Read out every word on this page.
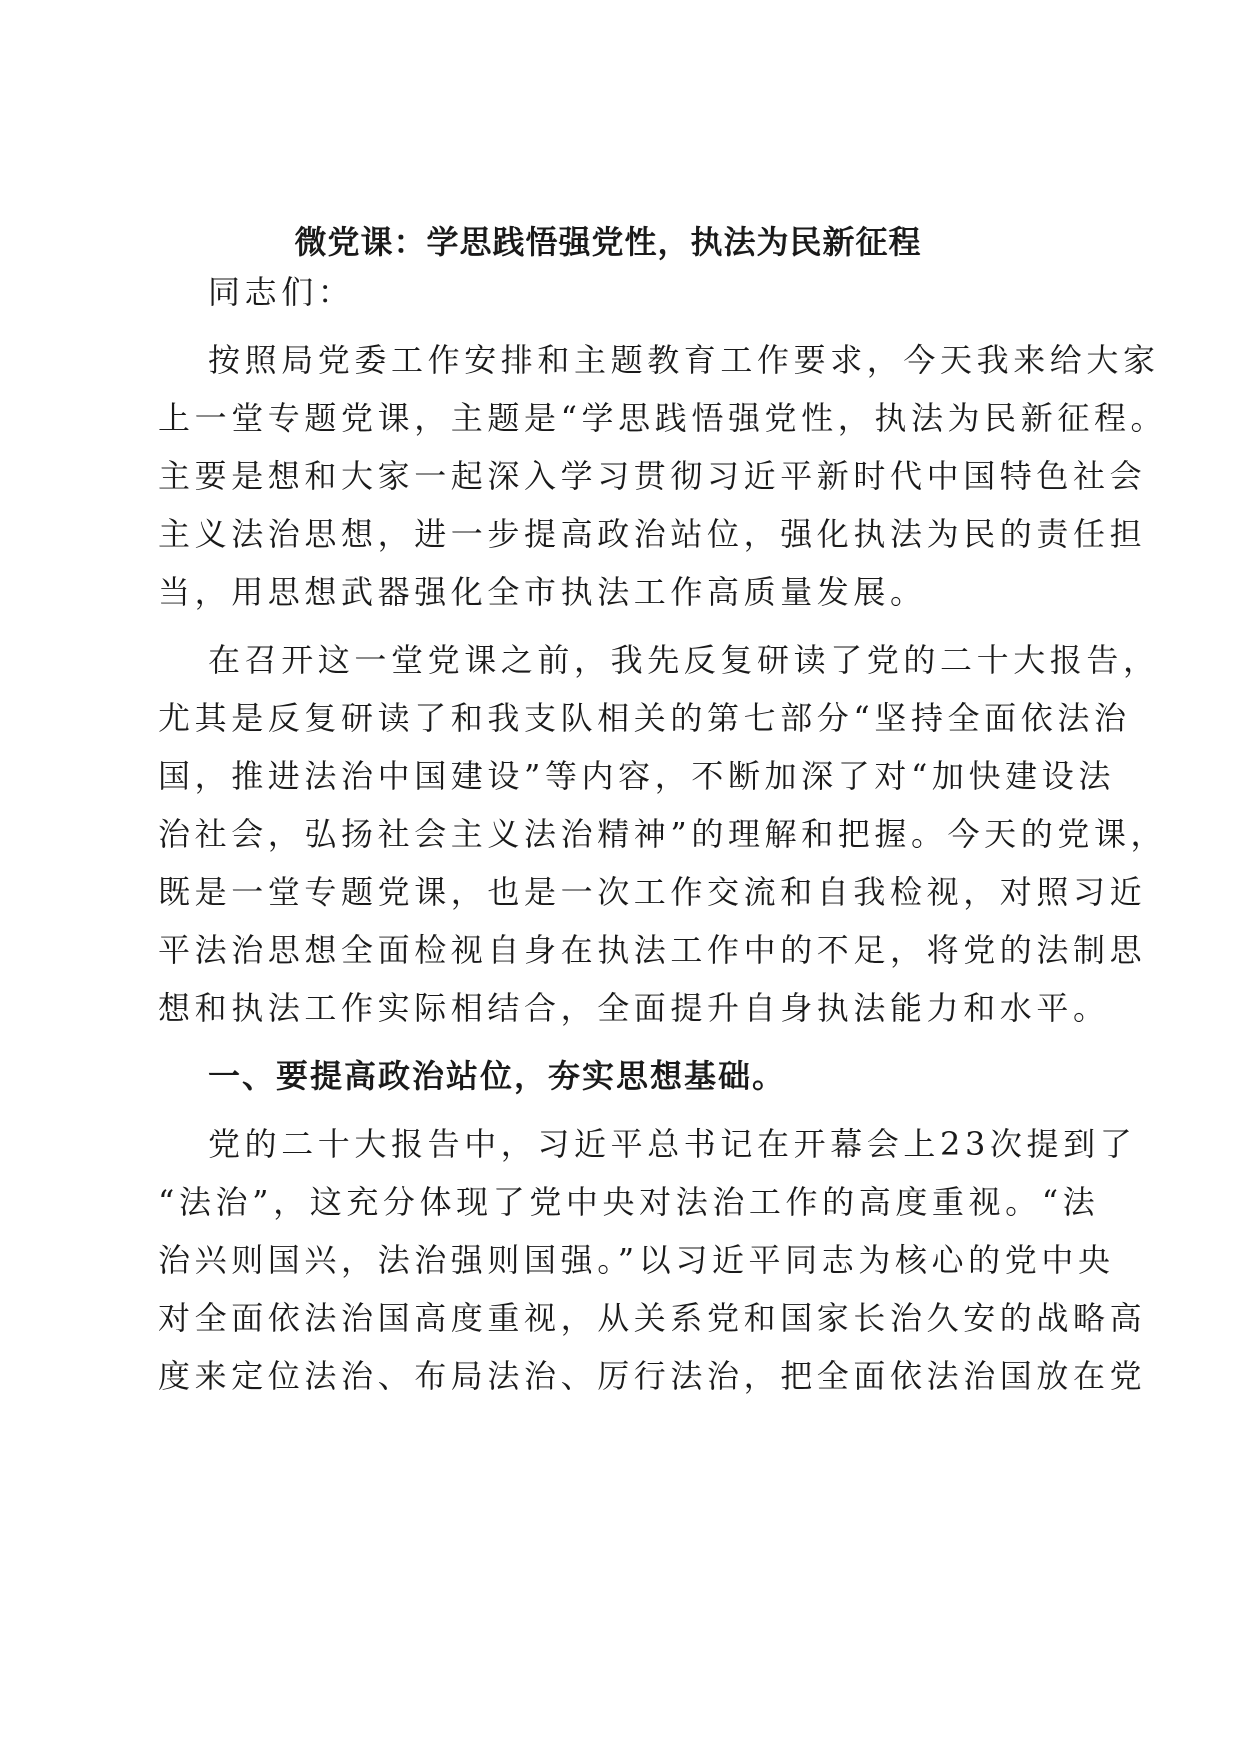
微党课：学思践悟强党性，执法为民新征程
同志们：
按照局党委工作安排和主题教育工作要求，今天我来给大家
上一堂专题党课，主题是“学思践悟强党性，执法为民新征程。
主要是想和大家一起深入学习贯彻习近平新时代中国特色社会
主义法治思想，进一步提高政治站位，强化执法为民的责任担
当，用思想武器强化全市执法工作高质量发展。
在召开这一堂党课之前，我先反复研读了党的二十大报告，
尤其是反复研读了和我支队相关的第七部分“坚持全面依法治
国，推进法治中国建设”等内容，不断加深了对“加快建设法
治社会，弘扬社会主义法治精神”的理解和把握。今天的党课，
既是一堂专题党课，也是一次工作交流和自我检视，对照习近
平法治思想全面检视自身在执法工作中的不足，将党的法制思
想和执法工作实际相结合，全面提升自身执法能力和水平。
一、要提高政治站位，夯实思想基础。
党的二十大报告中，习近平总书记在开幕会上23次提到了
“法治”，这充分体现了党中央对法治工作的高度重视。“法
治兴则国兴，法治强则国强。”以习近平同志为核心的党中央
对全面依法治国高度重视，从关系党和国家长治久安的战略高
度来定位法治、布局法治、厉行法治，把全面依法治国放在党
